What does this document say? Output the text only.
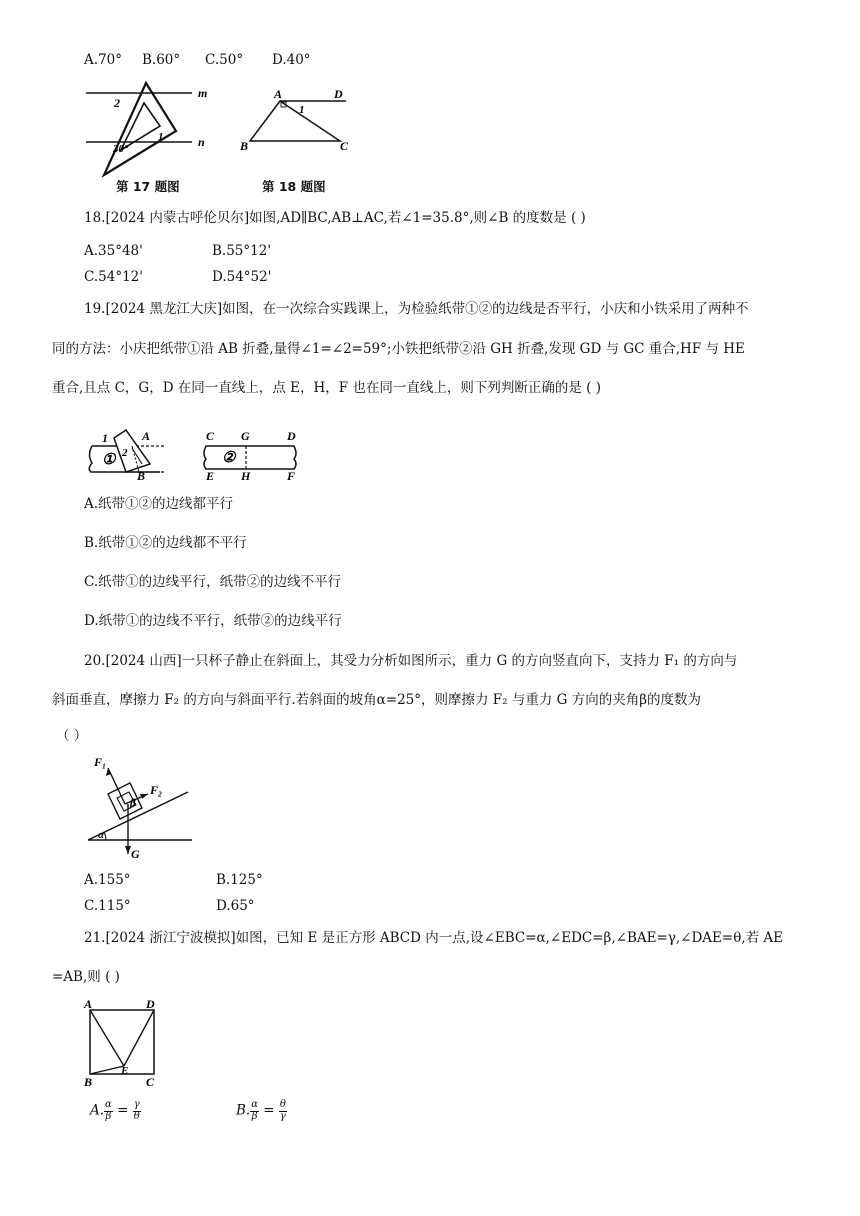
A.70° B.60° C.50° D.40°
m
n
2
1
30°
第 17 题图
A	D
B	C
1
第 18 题图
18.[2024 内蒙古呼伦贝尔]如图,AD∥BC,AB⊥AC,若∠1=35.8°,则∠B 的度数是 ( )
A.35°48'	B.55°12'
C.54°12'	D.54°52'
19.[2024 黑龙江大庆]如图，在一次综合实践课上，为检验纸带①②的边线是否平行，小庆和小铁采用了两种不
同的方法：小庆把纸带①沿 AB 折叠,量得∠1=∠2=59°;小铁把纸带②沿 GH 折叠,发现 GD 与 GC 重合,HF 与 HE
重合,且点 C，G，D 在同一直线上，点 E，H，F 也在同一直线上，则下列判断正确的是 ( )
1
2
A
B
①
C G	D
E H	F
②
A.纸带①②的边线都平行
B.纸带①②的边线都不平行
C.纸带①的边线平行，纸带②的边线不平行
D.纸带①的边线不平行，纸带②的边线平行
20.[2024 山西]一只杯子静止在斜面上，其受力分析如图所示，重力 G 的方向竖直向下，支持力 F₁ 的方向与
斜面垂直，摩擦力 F₂ 的方向与斜面平行.若斜面的坡角α=25°，则摩擦力 F₂ 与重力 G 方向的夹角β的度数为
（ ）
F₁
F₂
β
α
G
A.155°	B.125°
C.115°	D.65°
21.[2024 浙江宁波模拟]如图，已知 E 是正方形 ABCD 内一点,设∠EBC=α,∠EDC=β,∠BAE=γ,∠DAE=θ,若 AE
=AB,则 ( )
A	D
B	C
E
A. $\frac{\alpha}{\beta} = \frac{\gamma}{\theta}$	B. $\frac{\alpha}{\beta} = \frac{\theta}{\gamma}$
